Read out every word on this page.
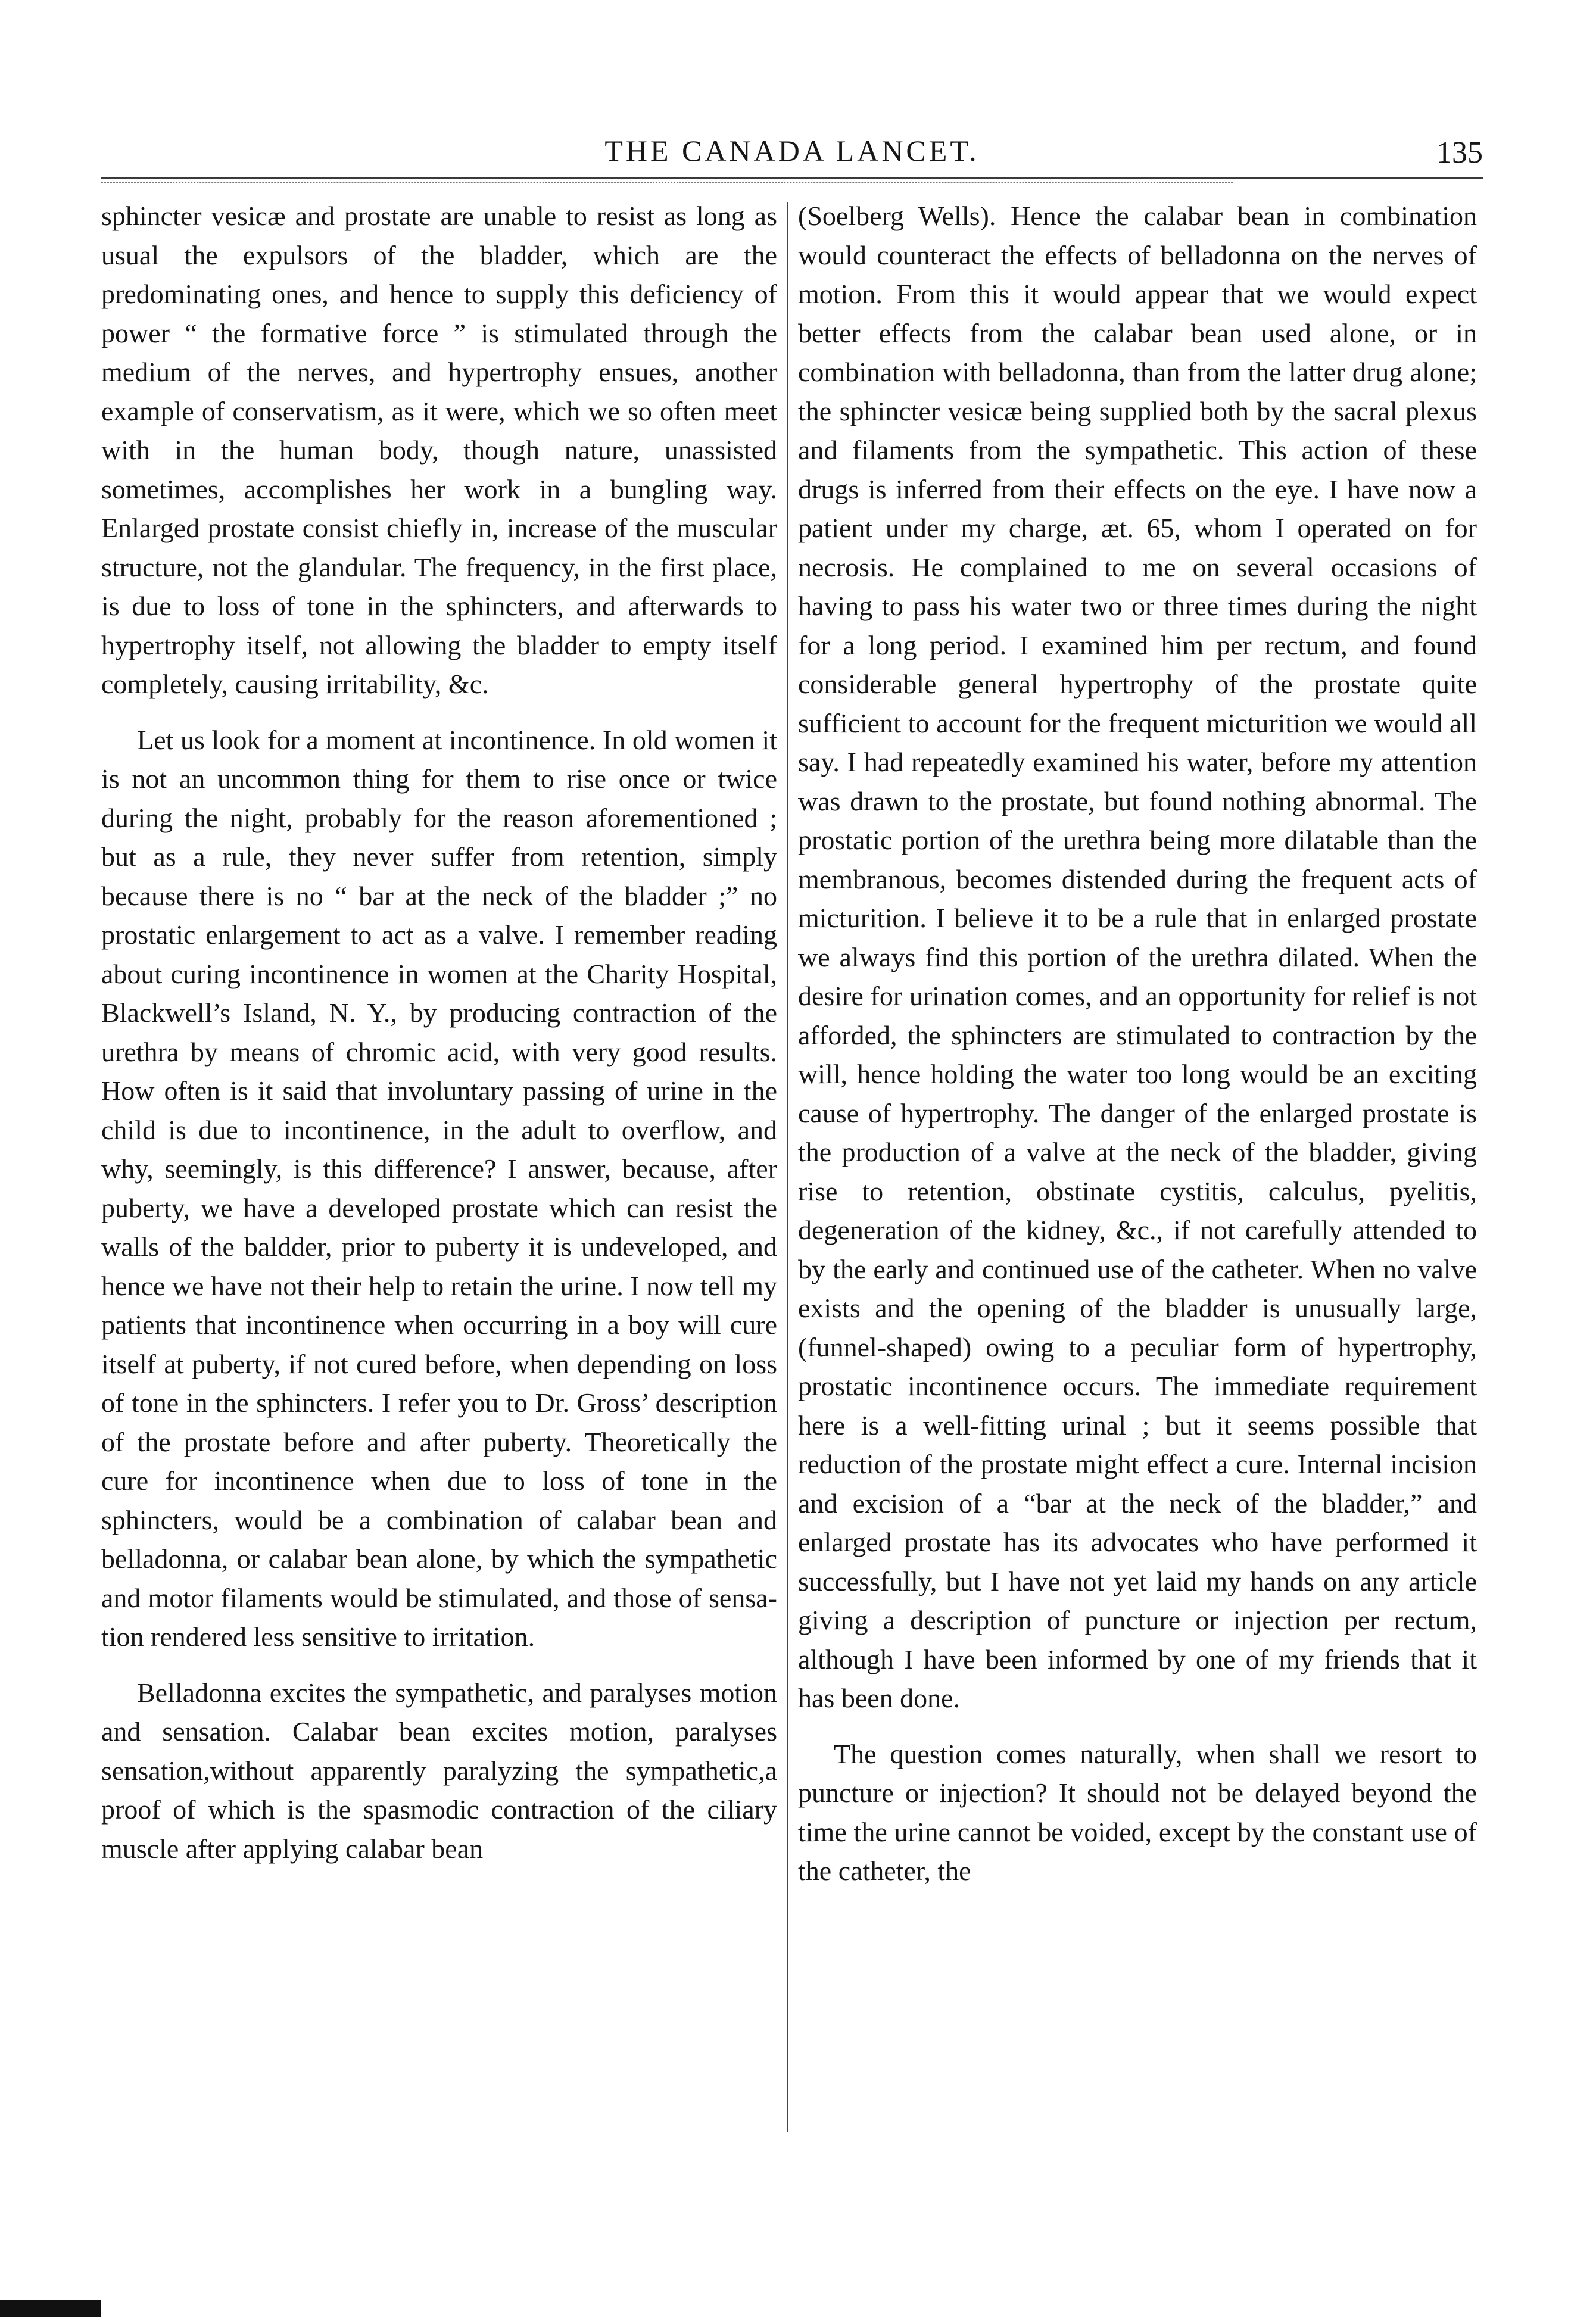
THE CANADA LANCET.	135

sphincter vesicæ and prostate are unable to resist as long as usual the expulsors of the bladder, which are the predominating ones, and hence to supply this deficiency of power “ the formative force ” is stimulated through the medium of the nerves, and hypertrophy ensues, another example of conservatism, as it were, which we so often meet with in the human body, though nature, unassisted sometimes, accomplishes her work in a bungling way. Enlarged prostate consist chiefly in, increase of the muscular structure, not the glandular. The frequency, in the first place, is due to loss of tone in the sphincters, and afterwards to hypertrophy itself, not allowing the bladder to empty itself completely, causing irritability, &c.

Let us look for a moment at incontinence. In old women it is not an uncommon thing for them to rise once or twice during the night, probably for the reason aforementioned ; but as a rule, they never suffer from retention, simply because there is no “ bar at the neck of the bladder ;” no prostatic enlargement to act as a valve. I remember reading about curing incontinence in women at the Charity Hospital, Blackwell’s Island, N. Y., by producing contraction of the urethra by means of chromic acid, with very good results. How often is it said that involuntary passing of urine in the child is due to incontinence, in the adult to overflow, and why, seemingly, is this difference? I answer, because, after puberty, we have a developed prostate which can resist the walls of the baldder, prior to puberty it is undeveloped, and hence we have not their help to retain the urine. I now tell my patients that incontinence when occurring in a boy will cure itself at puberty, if not cured before, when depending on loss of tone in the sphincters. I refer you to Dr. Gross’ description of the prostate before and after puberty. Theoretically the cure for incontinence when due to loss of tone in the sphincters, would be a combination of calabar bean and belladonna, or calabar bean alone, by which the sympathetic and motor filaments would be stimulated, and those of sensation rendered less sensitive to irritation.

Belladonna excites the sympathetic, and paralyses motion and sensation. Calabar bean excites motion, paralyses sensation,without apparently paralyzing the sympathetic,a proof of which is the spasmodic contraction of the ciliary muscle after applying calabar bean

(Soelberg Wells). Hence the calabar bean in combination would counteract the effects of belladonna on the nerves of motion. From this it would appear that we would expect better effects from the calabar bean used alone, or in combination with belladonna, than from the latter drug alone; the sphincter vesicæ being supplied both by the sacral plexus and filaments from the sympathetic. This action of these drugs is inferred from their effects on the eye. I have now a patient under my charge, æt. 65, whom I operated on for necrosis. He complained to me on several occasions of having to pass his water two or three times during the night for a long period. I examined him per rectum, and found considerable general hypertrophy of the prostate quite sufficient to account for the frequent micturition we would all say. I had repeatedly examined his water, before my attention was drawn to the prostate, but found nothing abnormal. The prostatic portion of the urethra being more dilatable than the membranous, becomes distended during the frequent acts of micturition. I believe it to be a rule that in enlarged prostate we always find this portion of the urethra dilated. When the desire for urination comes, and an opportunity for relief is not afforded, the sphincters are stimulated to contraction by the will, hence holding the water too long would be an exciting cause of hypertrophy. The danger of the enlarged prostate is the production of a valve at the neck of the bladder, giving rise to retention, obstinate cystitis, calculus, pyelitis, degeneration of the kidney, &c., if not carefully attended to by the early and continued use of the catheter. When no valve exists and the opening of the bladder is unusually large, (funnel-shaped) owing to a peculiar form of hypertrophy, prostatic incontinence occurs. The immediate requirement here is a well-fitting urinal ; but it seems possible that reduction of the prostate might effect a cure. Internal incision and excision of a “bar at the neck of the bladder,” and enlarged prostate has its advocates who have performed it successfully, but I have not yet laid my hands on any article giving a description of puncture or injection per rectum, although I have been informed by one of my friends that it has been done.

The question comes naturally, when shall we resort to puncture or injection? It should not be delayed beyond the time the urine cannot be voided, except by the constant use of the catheter, the
